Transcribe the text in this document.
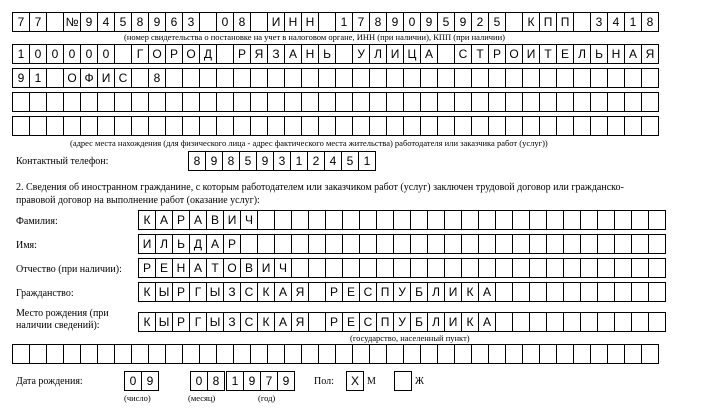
7 7	№ 9 4 5 8 9 6 3	0 8	И Н Н	1 7 8 9 0 9 5 9 2 5	К П П	3 4 1 8
(номер свидетельства о постановке на учет в налоговом органе, ИНН (при наличии), КПП (при наличии)
1 0 0 0 0 0	Г О Р О Д	Р Я З А Н Ь	У Л И Ц А	С Т Р О И Т Е Л Ь Н А Я
9 1	О Ф И С	8
(адрес места нахождения (для физического лица - адрес фактического места жительства) работодателя или заказчика работ (услуг))
Контактный телефон:	8 9 8 5 9 3 1 2 4 5 1
2. Сведения об иностранном гражданине, с которым работодателем или заказчиком работ (услуг) заключен трудовой договор или гражданско-
правовой договор на выполнение работ (оказание услуг):
Фамилия:	К А Р А В И Ч
Имя:	И Л Ь Д А Р
Отчество (при наличии):	Р Е Н А Т О В И Ч
Гражданство:	К Ы Р Г Ы З С К А Я	Р Е С П У Б Л И К А
Место рождения (при
наличии сведений):	К Ы Р Г Ы З С К А Я	Р Е С П У Б Л И К А
(государство, населенный пункт)
Дата рождения:	0 9	0 8	1 9 7 9
(число)	(месяц)	(год)
Пол:	Х М	Ж
